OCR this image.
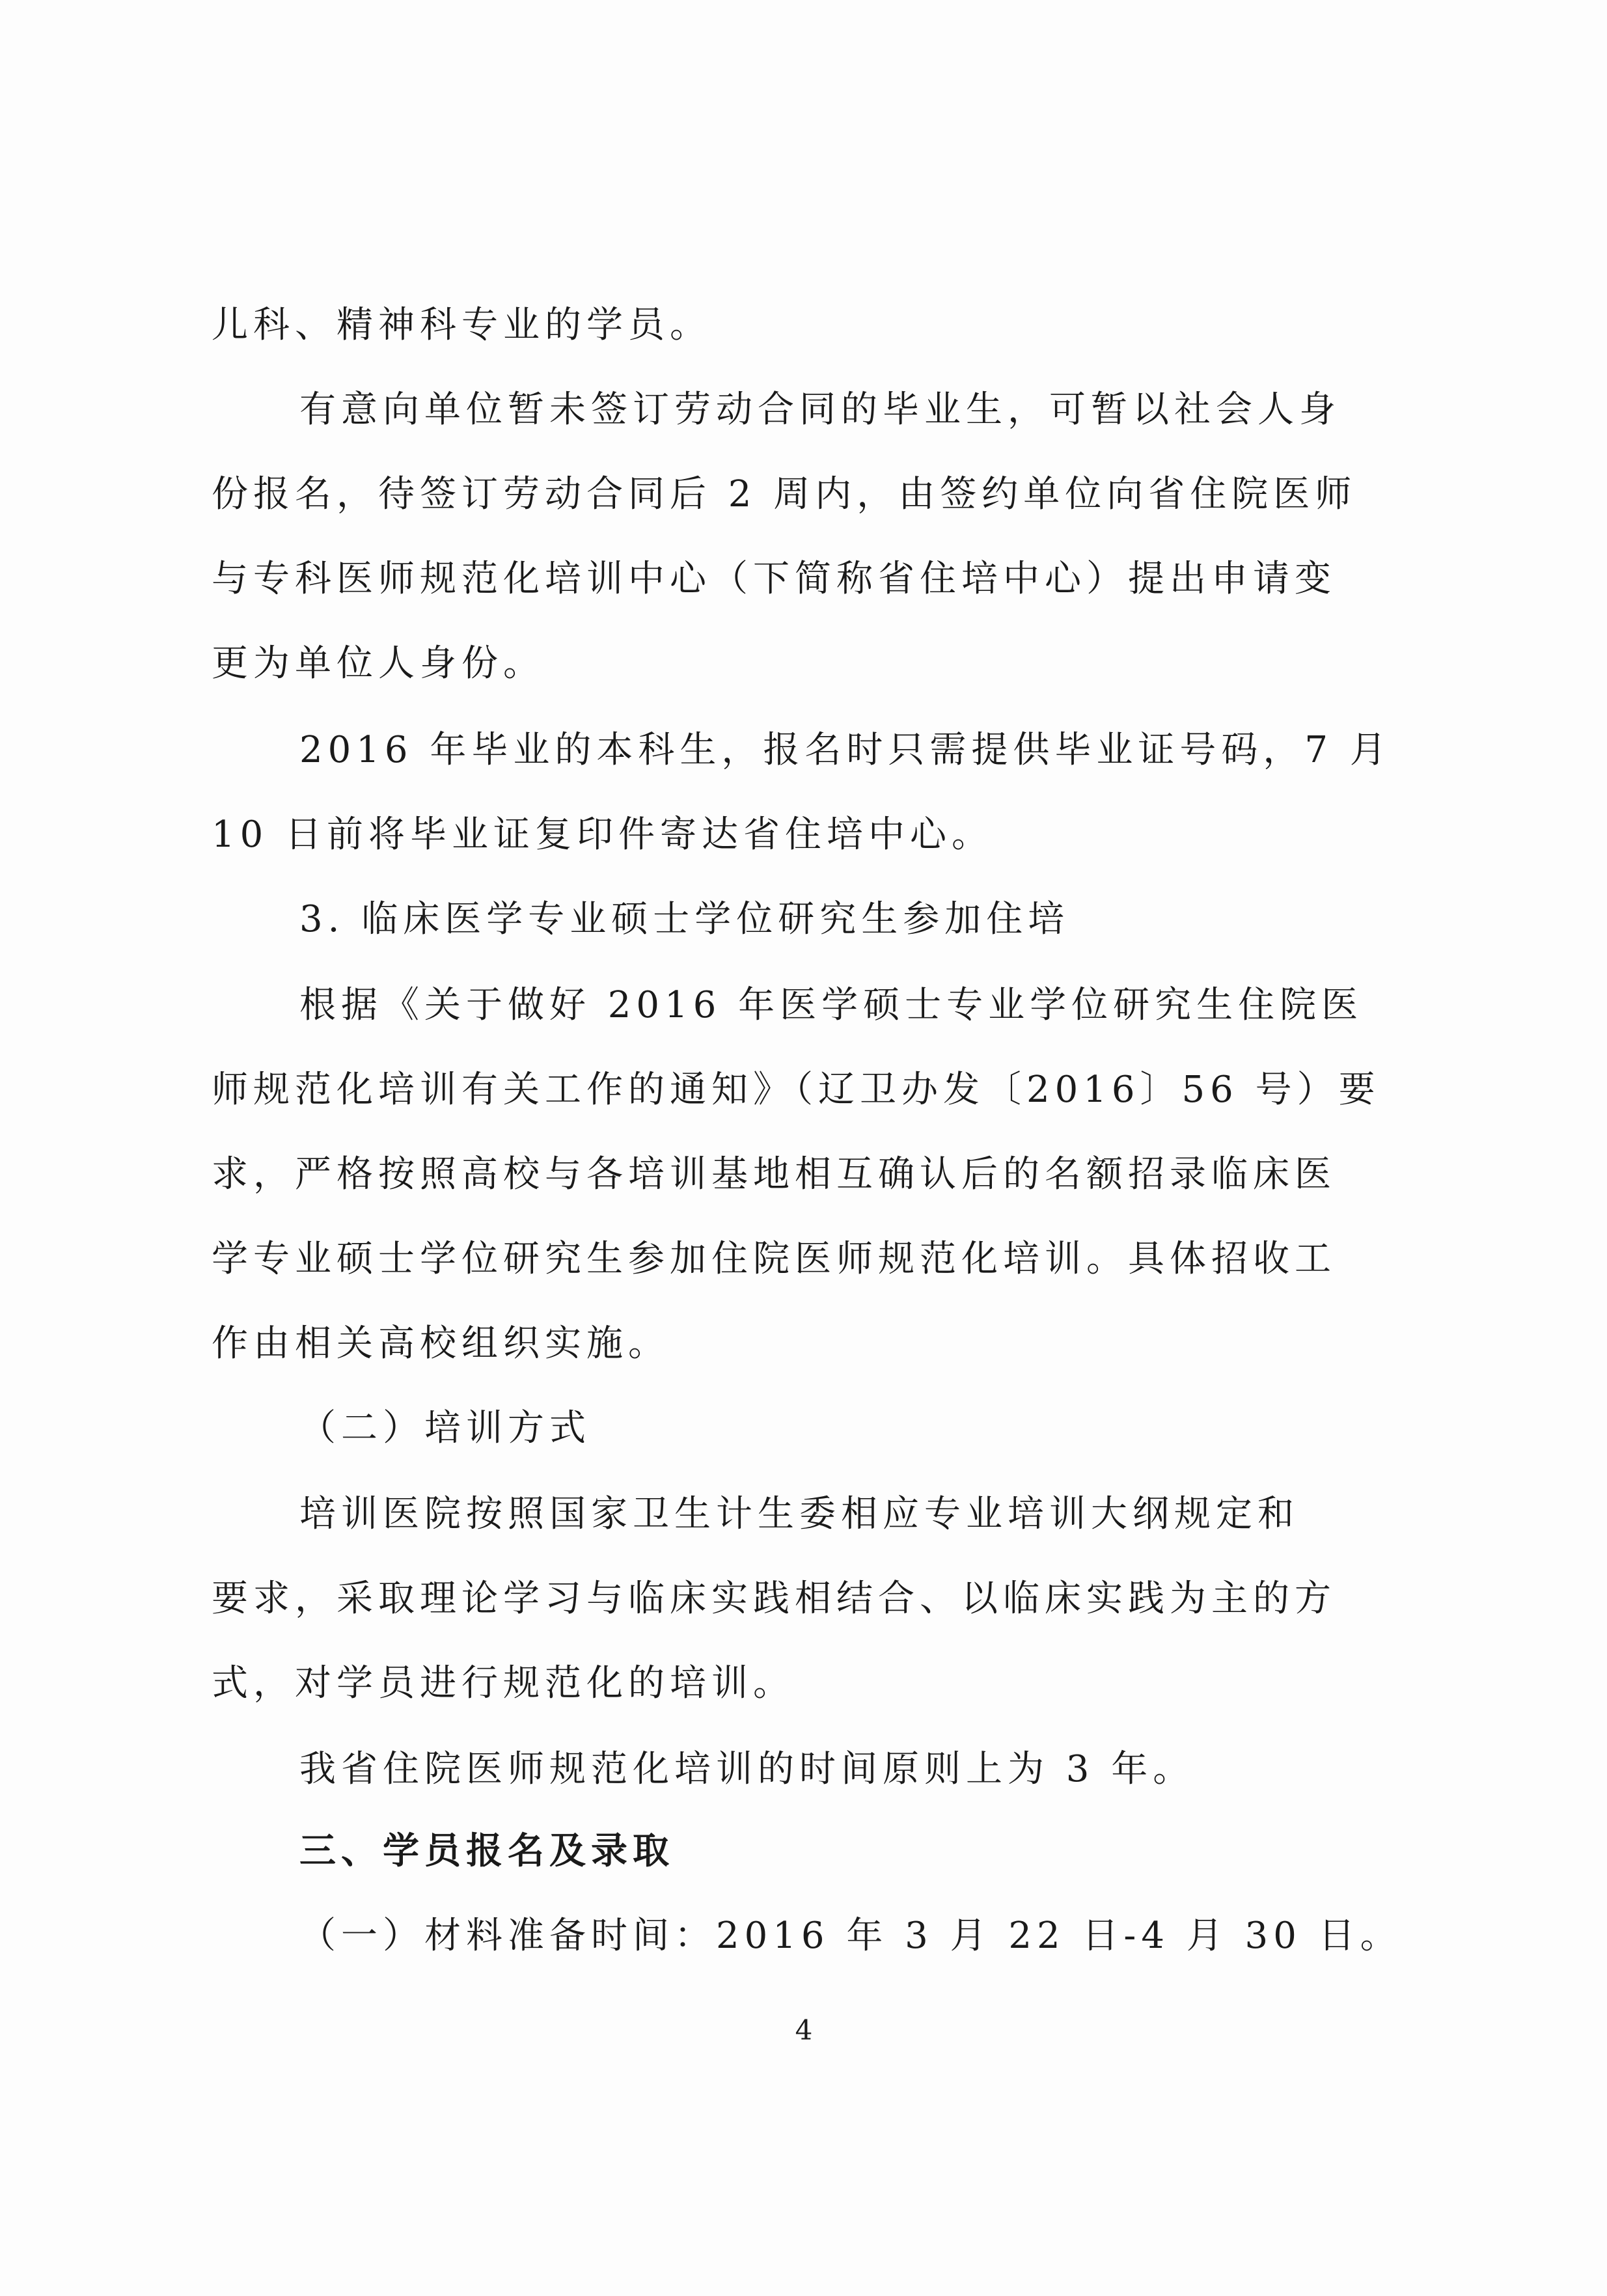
儿科、精神科专业的学员。
有意向单位暂未签订劳动合同的毕业生，可暂以社会人身
份报名，待签订劳动合同后 2 周内，由签约单位向省住院医师
与专科医师规范化培训中心（下简称省住培中心）提出申请变
更为单位人身份。
2016 年毕业的本科生，报名时只需提供毕业证号码，7 月
10 日前将毕业证复印件寄达省住培中心。
3. 临床医学专业硕士学位研究生参加住培
根据《关于做好 2016 年医学硕士专业学位研究生住院医
师规范化培训有关工作的通知》（辽卫办发〔2016〕56 号）要
求，严格按照高校与各培训基地相互确认后的名额招录临床医
学专业硕士学位研究生参加住院医师规范化培训。具体招收工
作由相关高校组织实施。
（二）培训方式
培训医院按照国家卫生计生委相应专业培训大纲规定和
要求，采取理论学习与临床实践相结合、以临床实践为主的方
式，对学员进行规范化的培训。
我省住院医师规范化培训的时间原则上为 3 年。
三、学员报名及录取
（一）材料准备时间：2016 年 3 月 22 日-4 月 30 日。
4
